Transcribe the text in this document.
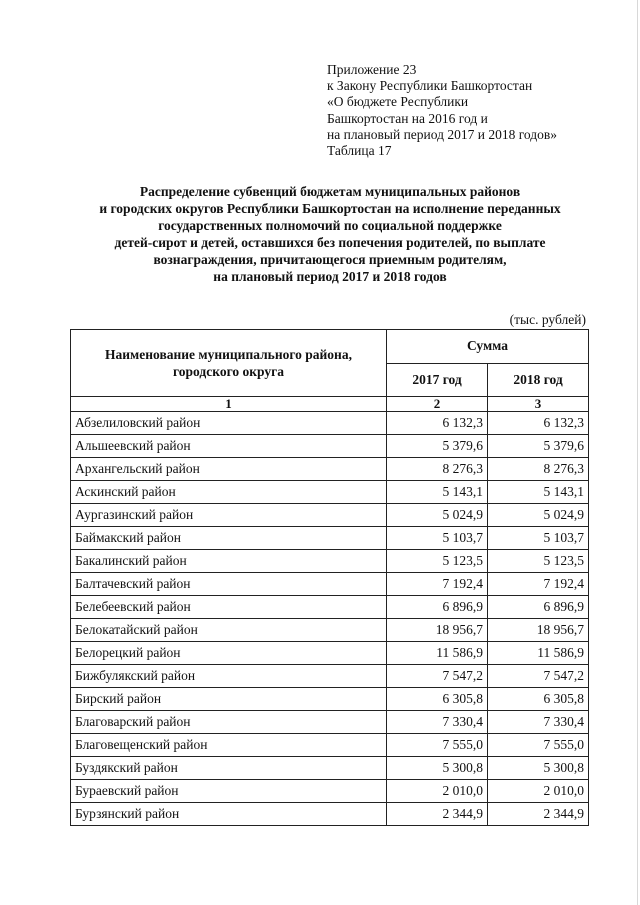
Приложение 23
к Закону Республики Башкортостан
«О бюджете Республики
Башкортостан на 2016 год и
на плановый период 2017 и 2018 годов»
Таблица 17
Распределение субвенций бюджетам муниципальных районов
и городских округов Республики Башкортостан на исполнение переданных
государственных полномочий по социальной поддержке
детей-сирот и детей, оставшихся без попечения родителей, по выплате
вознаграждения, причитающегося приемным родителям,
на плановый период 2017 и 2018 годов
(тыс. рублей)
Наименование муниципального района, городского округа	Сумма	
	2017 год	2018 год
1	2	3
Абзелиловский район	6 132,3	6 132,3
Альшеевский район	5 379,6	5 379,6
Архангельский район	8 276,3	8 276,3
Аскинский район	5 143,1	5 143,1
Аургазинский район	5 024,9	5 024,9
Баймакский район	5 103,7	5 103,7
Бакалинский район	5 123,5	5 123,5
Балтачевский район	7 192,4	7 192,4
Белебеевский район	6 896,9	6 896,9
Белокатайский район	18 956,7	18 956,7
Белорецкий район	11 586,9	11 586,9
Бижбулякский район	7 547,2	7 547,2
Бирский район	6 305,8	6 305,8
Благоварский район	7 330,4	7 330,4
Благовещенский район	7 555,0	7 555,0
Буздякский район	5 300,8	5 300,8
Бураевский район	2 010,0	2 010,0
Бурзянский район	2 344,9	2 344,9
